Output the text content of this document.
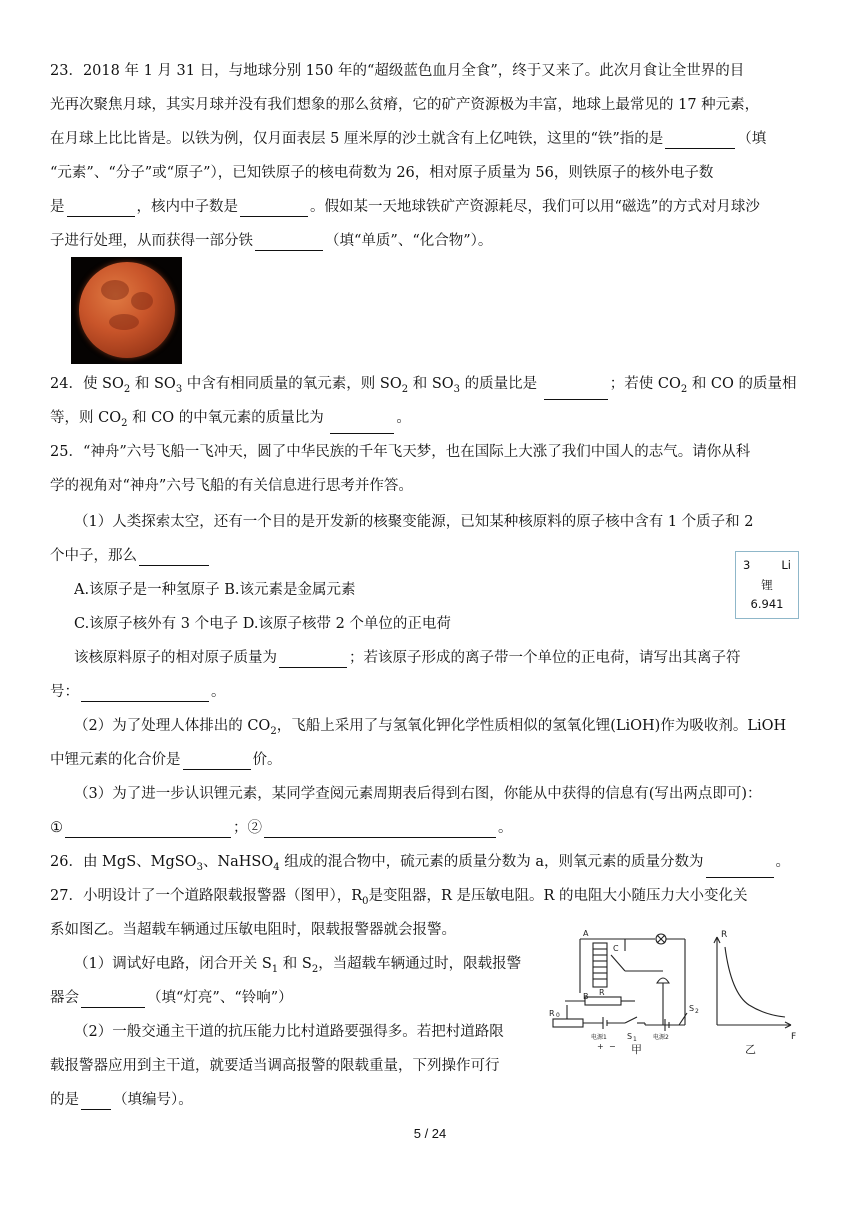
23．2018 年 1 月 31 日，与地球分别 150 年的“超级蓝色血月全食”，终于又来了。此次月食让全世界的目
光再次聚焦月球，其实月球并没有我们想象的那么贫瘠，它的矿产资源极为丰富，地球上最常见的 17 种元素，
在月球上比比皆是。以铁为例，仅月面表层 5 厘米厚的沙土就含有上亿吨铁，这里的“铁”指的是	（填
“元素”、“分子”或“原子”），已知铁原子的核电荷数为 26，相对原子质量为 56，则铁原子的核外电子数
是	，核内中子数是	。假如某一天地球铁矿产资源耗尽，我们可以用“磁选”的方式对月球沙
子进行处理，从而获得一部分铁	（填“单质”、“化合物”）。
24．使 $SO_2$ 和 $SO_3$ 中含有相同质量的氧元素，则 $SO_2$ 和 $SO_3$ 的质量比是	；若使 $CO_2$ 和 CO 的质量相
等，则 $CO_2$ 和 CO 的中氧元素的质量比为	。
25．“神舟”六号飞船一飞冲天，圆了中华民族的千年飞天梦，也在国际上大涨了我们中国人的志气。请你从科
学的视角对“神舟”六号飞船的有关信息进行思考并作答。
（1）人类探索太空，还有一个目的是开发新的核聚变能源，已知某种核原料的原子核中含有 1 个质子和 2
个中子，那么
A.该原子是一种氢原子 B.该元素是金属元素
C.该原子核外有 3 个电子 D.该原子核带 2 个单位的正电荷
3	Li
锂
6.941
该核原料原子的相对原子质量为	；若该原子形成的离子带一个单位的正电荷，请写出其离子符
号：	。
（2）为了处理人体排出的 $CO_2$，飞船上采用了与氢氧化钾化学性质相似的氢氧化锂(LiOH)作为吸收剂。LiOH
中锂元素的化合价是	价。
（3）为了进一步认识锂元素，某同学查阅元素周期表后得到右图，你能从中获得的信息有(写出两点即可)：
①	；②	。
26．由 MgS、MgSO$_3$、NaHSO$_4$ 组成的混合物中，硫元素的质量分数为 a，则氧元素的质量分数为	。
27．小明设计了一个道路限载报警器（图甲），$R_0$是变阻器，R 是压敏电阻。R 的电阻大小随压力大小变化关
系如图乙。当超载车辆通过压敏电阻时，限载报警器就会报警。
（1）调试好电路，闭合开关 $S_1$ 和 $S_2$，当超载车辆通过时，限载报警
器会	（填“灯亮”、“铃响”）
（2）一般交通主干道的抗压能力比村道路要强得多。若把村道路限
载报警器应用到主干道，就要适当调高报警的限载重量，下列操作可行
的是 （填编号）。
A
B
C
R
R 0
电源1
+ −
S 1	电源2
S 2
甲
R
F
乙
5 / 24
